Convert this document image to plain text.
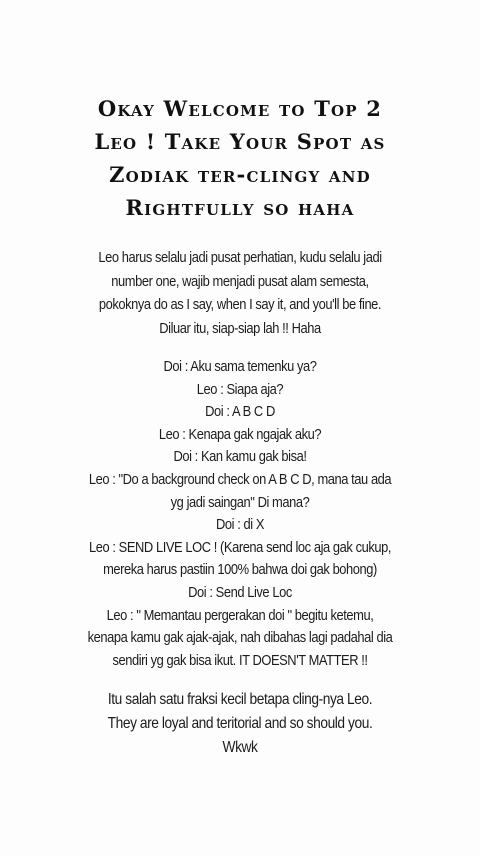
Okay Welcome to Top 2
Leo ! Take Your Spot as
Zodiak ter-clingy and
Rightfully so haha
Leo harus selalu jadi pusat perhatian, kudu selalu jadi
number one, wajib menjadi pusat alam semesta,
pokoknya do as I say, when I say it, and you'll be fine.
Diluar itu, siap-siap lah !! Haha
Doi : Aku sama temenku ya?
Leo : Siapa aja?
Doi : A B C D
Leo : Kenapa gak ngajak aku?
Doi : Kan kamu gak bisa!
Leo : "Do a background check on A B C D, mana tau ada
yg jadi saingan" Di mana?
Doi : di X
Leo : SEND LIVE LOC ! (Karena send loc aja gak cukup,
mereka harus pastiin 100% bahwa doi gak bohong)
Doi : Send Live Loc
Leo : " Memantau pergerakan doi " begitu ketemu,
kenapa kamu gak ajak-ajak, nah dibahas lagi padahal dia
sendiri yg gak bisa ikut. IT DOESN'T MATTER !!
Itu salah satu fraksi kecil betapa cling-nya Leo.
They are loyal and teritorial and so should you.
Wkwk
